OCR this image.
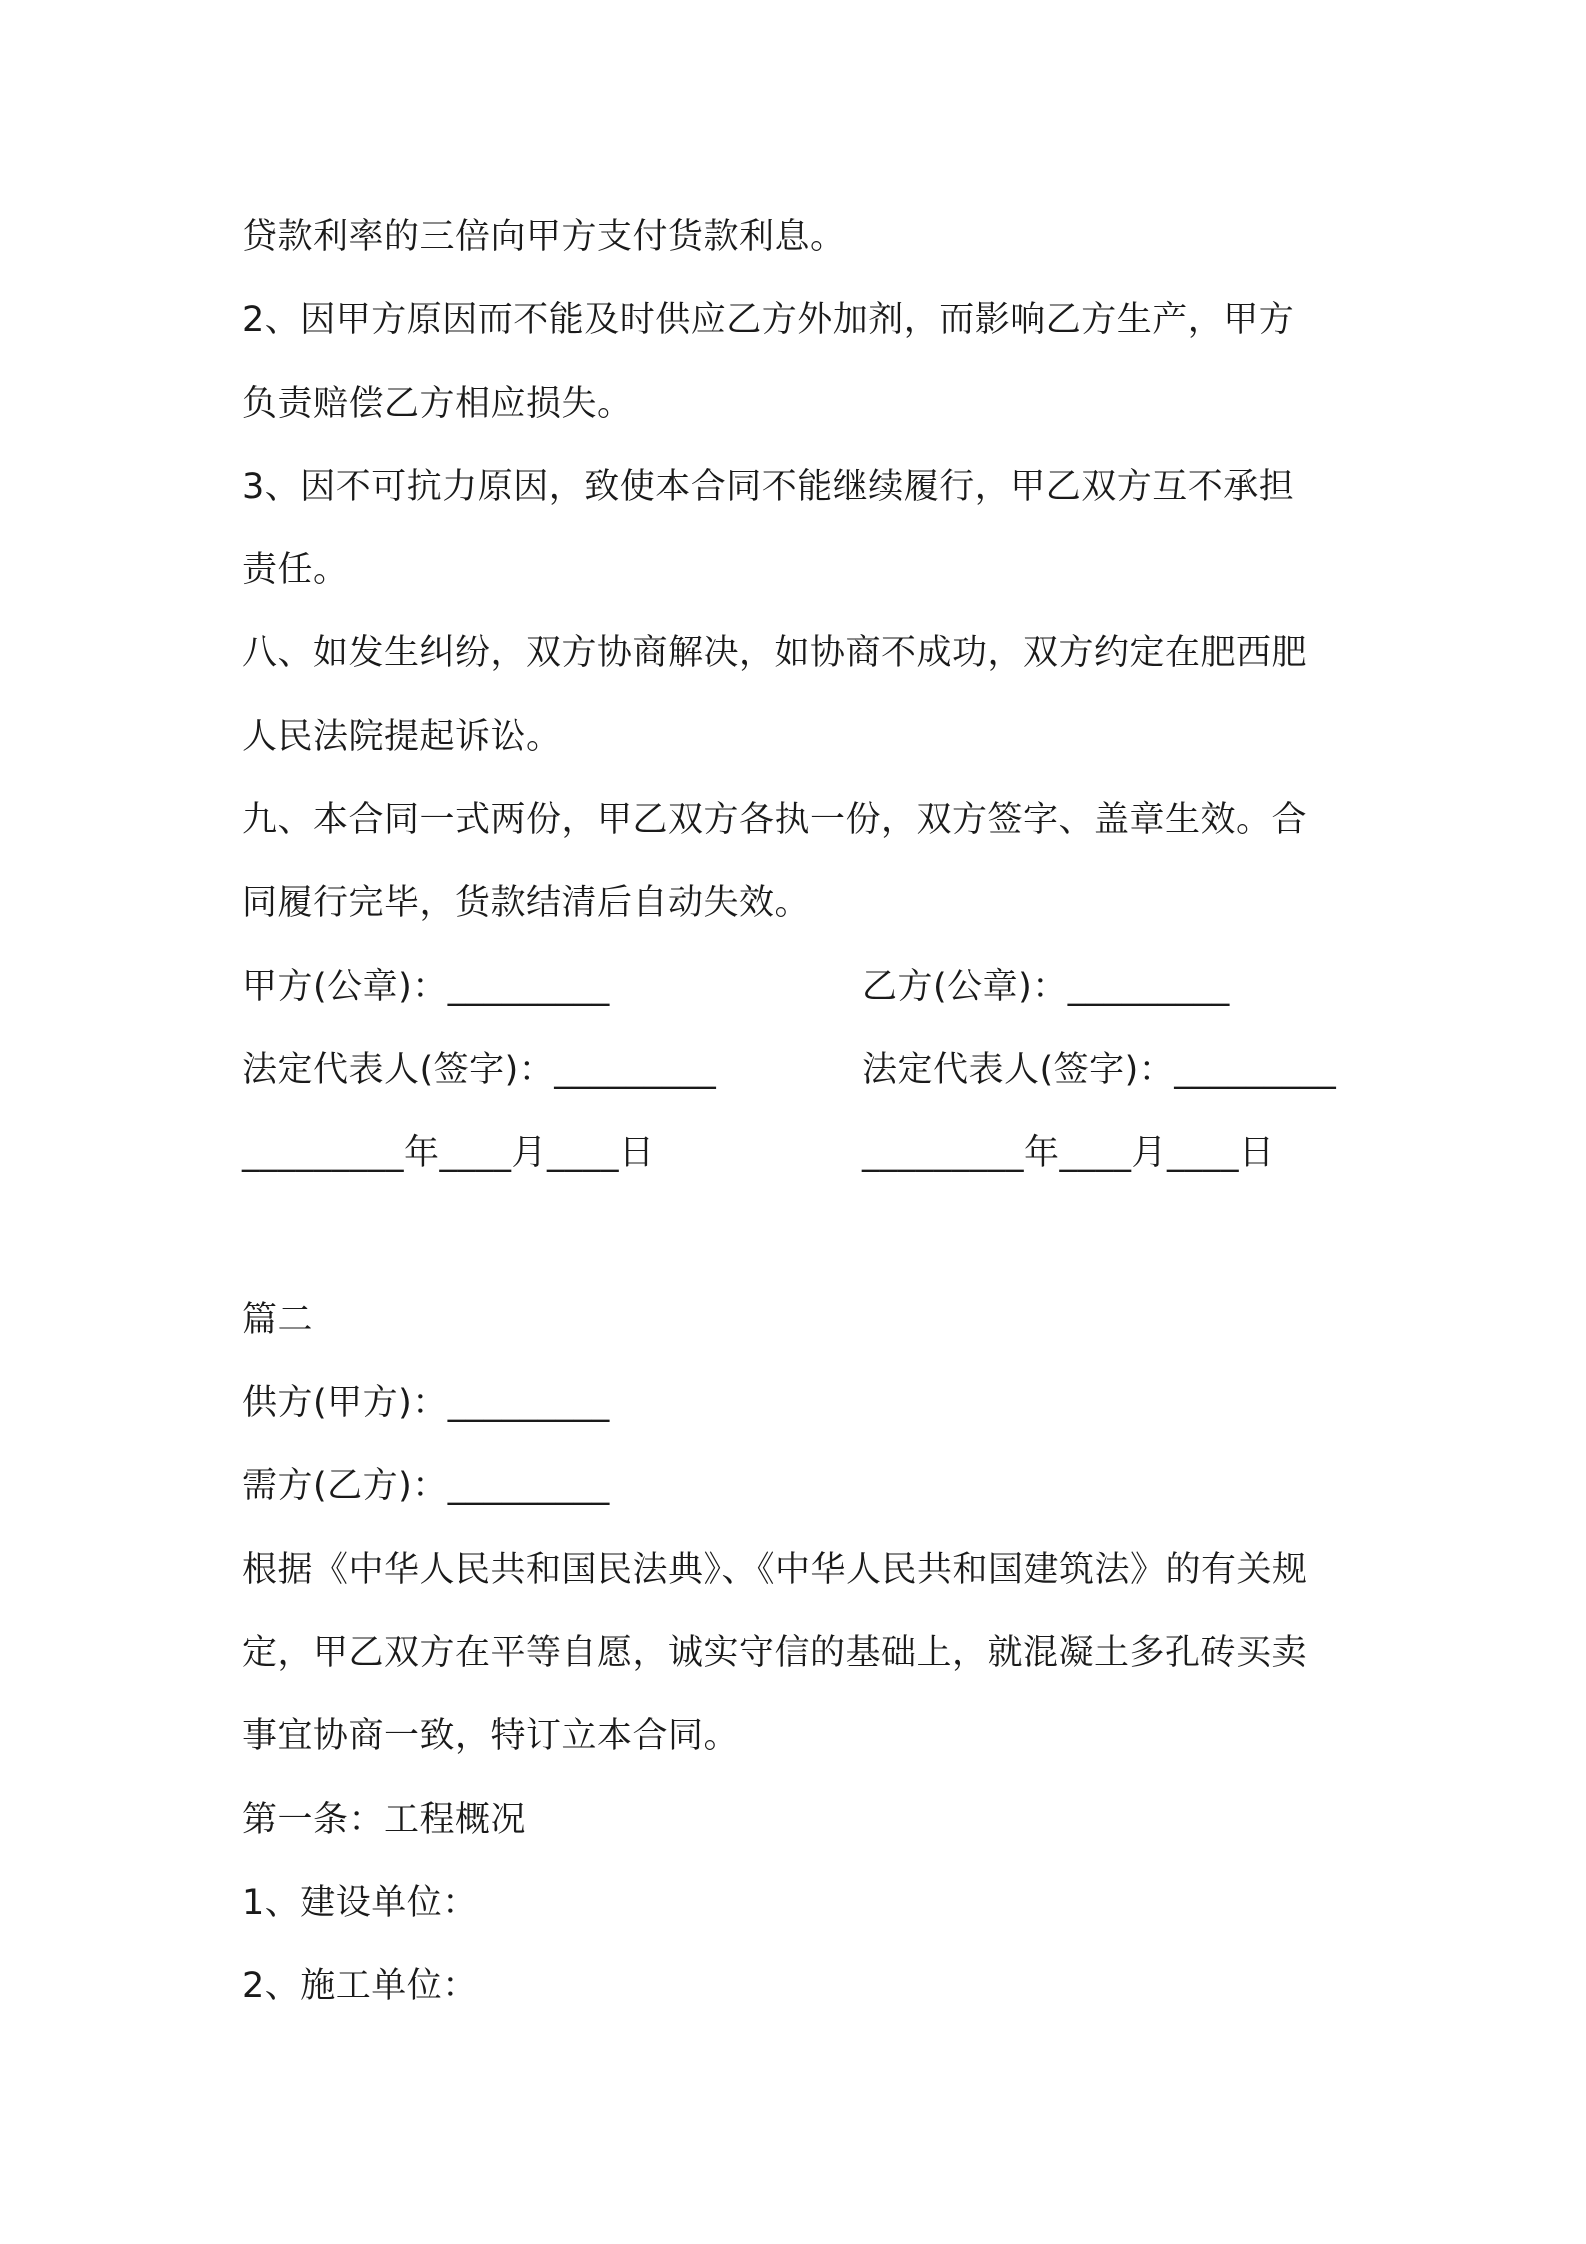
贷款利率的三倍向甲方支付货款利息。
2、因甲方原因而不能及时供应乙方外加剂，而影响乙方生产，甲方
负责赔偿乙方相应损失。
3、因不可抗力原因，致使本合同不能继续履行，甲乙双方互不承担
责任。
八、如发生纠纷，双方协商解决，如协商不成功，双方约定在肥西肥
人民法院提起诉讼。
九、本合同一式两份，甲乙双方各执一份，双方签字、盖章生效。合
同履行完毕，货款结清后自动失效。
甲方(公章)：_________	乙方(公章)：_________
法定代表人(签字)：_________	法定代表人(签字)：_________
_________年____月____日	_________年____月____日
篇二
供方(甲方)：_________
需方(乙方)：_________
根据《中华人民共和国民法典》、《中华人民共和国建筑法》的有关规
定，甲乙双方在平等自愿，诚实守信的基础上，就混凝土多孔砖买卖
事宜协商一致，特订立本合同。
第一条：工程概况
1、建设单位：
2、施工单位：
